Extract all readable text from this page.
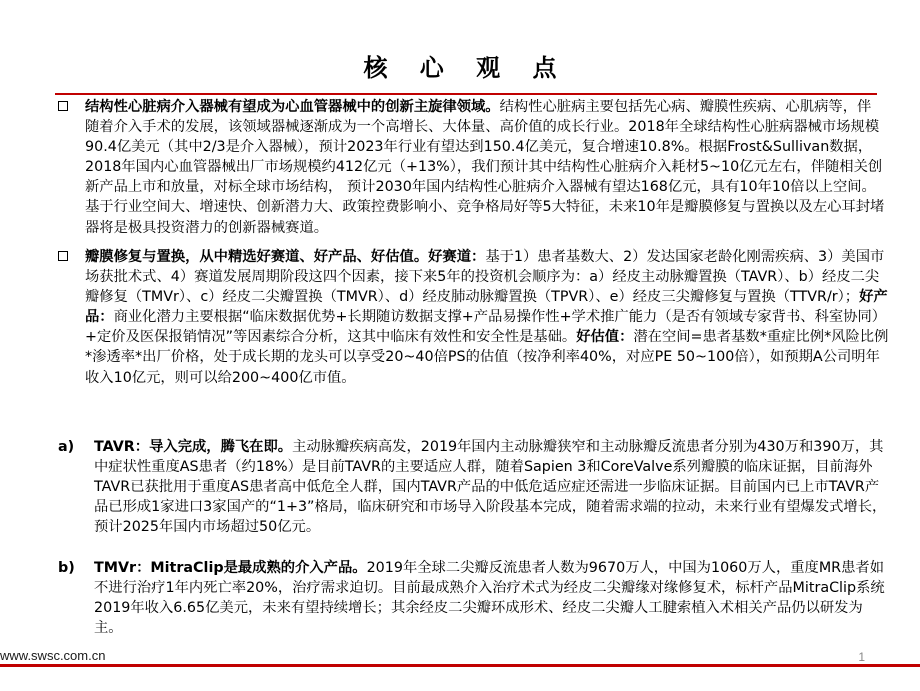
核 心 观 点
结构性心脏病介入器械有望成为心血管器械中的创新主旋律领域。结构性心脏病主要包括先心病、瓣膜性疾病、心肌病等，伴随着介入手术的发展，该领域器械逐渐成为一个高增长、大体量、高价值的成长行业。2018年全球结构性心脏病器械市场规模90.4亿美元（其中2/3是介入器械），预计2023年行业有望达到150.4亿美元，复合增速10.8%。根据Frost&Sullivan数据，2018年国内心血管器械出厂市场规模约412亿元（+13%），我们预计其中结构性心脏病介入耗材5~10亿元左右，伴随相关创新产品上市和放量，对标全球市场结构， 预计2030年国内结构性心脏病介入器械有望达168亿元，具有10年10倍以上空间。基于行业空间大、增速快、创新潜力大、政策控费影响小、竞争格局好等5大特征，未来10年是瓣膜修复与置换以及左心耳封堵器将是极具投资潜力的创新器械赛道。
瓣膜修复与置换，从中精选好赛道、好产品、好估值。好赛道：基于1）患者基数大、2）发达国家老龄化刚需疾病、3）美国市场获批术式、4）赛道发展周期阶段这四个因素，接下来5年的投资机会顺序为：a）经皮主动脉瓣置换（TAVR）、b）经皮二尖瓣修复（TMVr）、c）经皮二尖瓣置换（TMVR）、d）经皮肺动脉瓣置换（TPVR）、e）经皮三尖瓣修复与置换（TTVR/r）；好产品：商业化潜力主要根据“临床数据优势+长期随访数据支撑+产品易操作性+学术推广能力（是否有领域专家背书、科室协同）+定价及医保报销情况”等因素综合分析，这其中临床有效性和安全性是基础。好估值：潜在空间=患者基数*重症比例*风险比例*渗透率*出厂价格，处于成长期的龙头可以享受20~40倍PS的估值（按净利率40%，对应PE 50~100倍），如预期A公司明年收入10亿元，则可以给200~400亿市值。
a) TAVR：导入完成，腾飞在即。主动脉瓣疾病高发，2019年国内主动脉瓣狭窄和主动脉瓣反流患者分别为430万和390万，其中症状性重度AS患者（约18%）是目前TAVR的主要适应人群，随着Sapien 3和CoreValve系列瓣膜的临床证据，目前海外TAVR已获批用于重度AS患者高中低危全人群，国内TAVR产品的中低危适应症还需进一步临床证据。目前国内已上市TAVR产品已形成1家进口3家国产的“1+3”格局，临床研究和市场导入阶段基本完成，随着需求端的拉动，未来行业有望爆发式增长，预计2025年国内市场超过50亿元。
b) TMVr：MitraClip是最成熟的介入产品。2019年全球二尖瓣反流患者人数为9670万人，中国为1060万人，重度MR患者如不进行治疗1年内死亡率20%，治疗需求迫切。目前最成熟介入治疗术式为经皮二尖瓣缘对缘修复术，标杆产品MitraClip系统2019年收入6.65亿美元，未来有望持续增长；其余经皮二尖瓣环成形术、经皮二尖瓣人工腱索植入术相关产品仍以研发为主。
www.swsc.com.cn	1
